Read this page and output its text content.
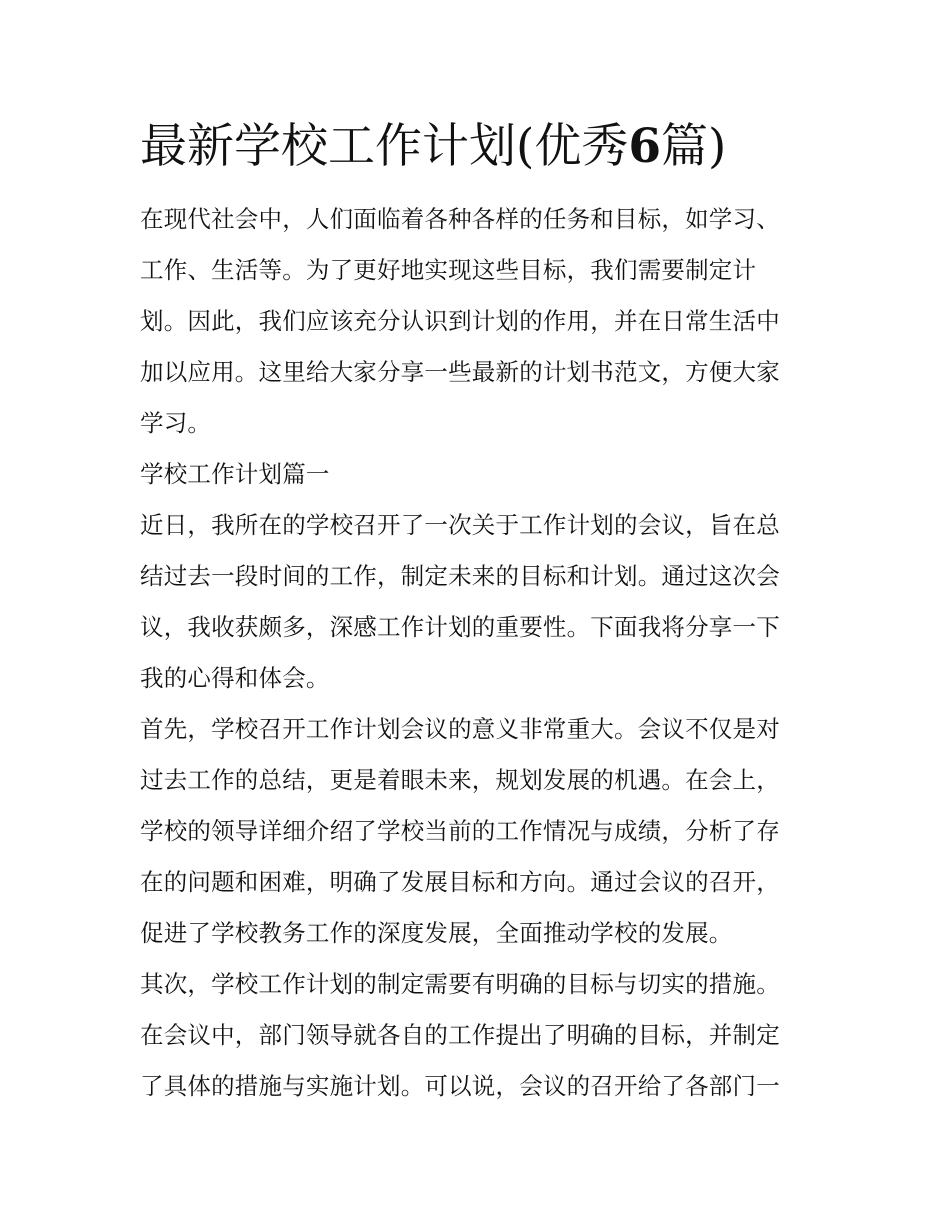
最新学校工作计划(优秀6篇)
在现代社会中，人们面临着各种各样的任务和目标，如学习、
工作、生活等。为了更好地实现这些目标，我们需要制定计
划。因此，我们应该充分认识到计划的作用，并在日常生活中
加以应用。这里给大家分享一些最新的计划书范文，方便大家
学习。
学校工作计划篇一
近日，我所在的学校召开了一次关于工作计划的会议，旨在总
结过去一段时间的工作，制定未来的目标和计划。通过这次会
议，我收获颇多，深感工作计划的重要性。下面我将分享一下
我的心得和体会。
首先，学校召开工作计划会议的意义非常重大。会议不仅是对
过去工作的总结，更是着眼未来，规划发展的机遇。在会上，
学校的领导详细介绍了学校当前的工作情况与成绩，分析了存
在的问题和困难，明确了发展目标和方向。通过会议的召开，
促进了学校教务工作的深度发展，全面推动学校的发展。
其次，学校工作计划的制定需要有明确的目标与切实的措施。
在会议中，部门领导就各自的工作提出了明确的目标，并制定
了具体的措施与实施计划。可以说，会议的召开给了各部门一
